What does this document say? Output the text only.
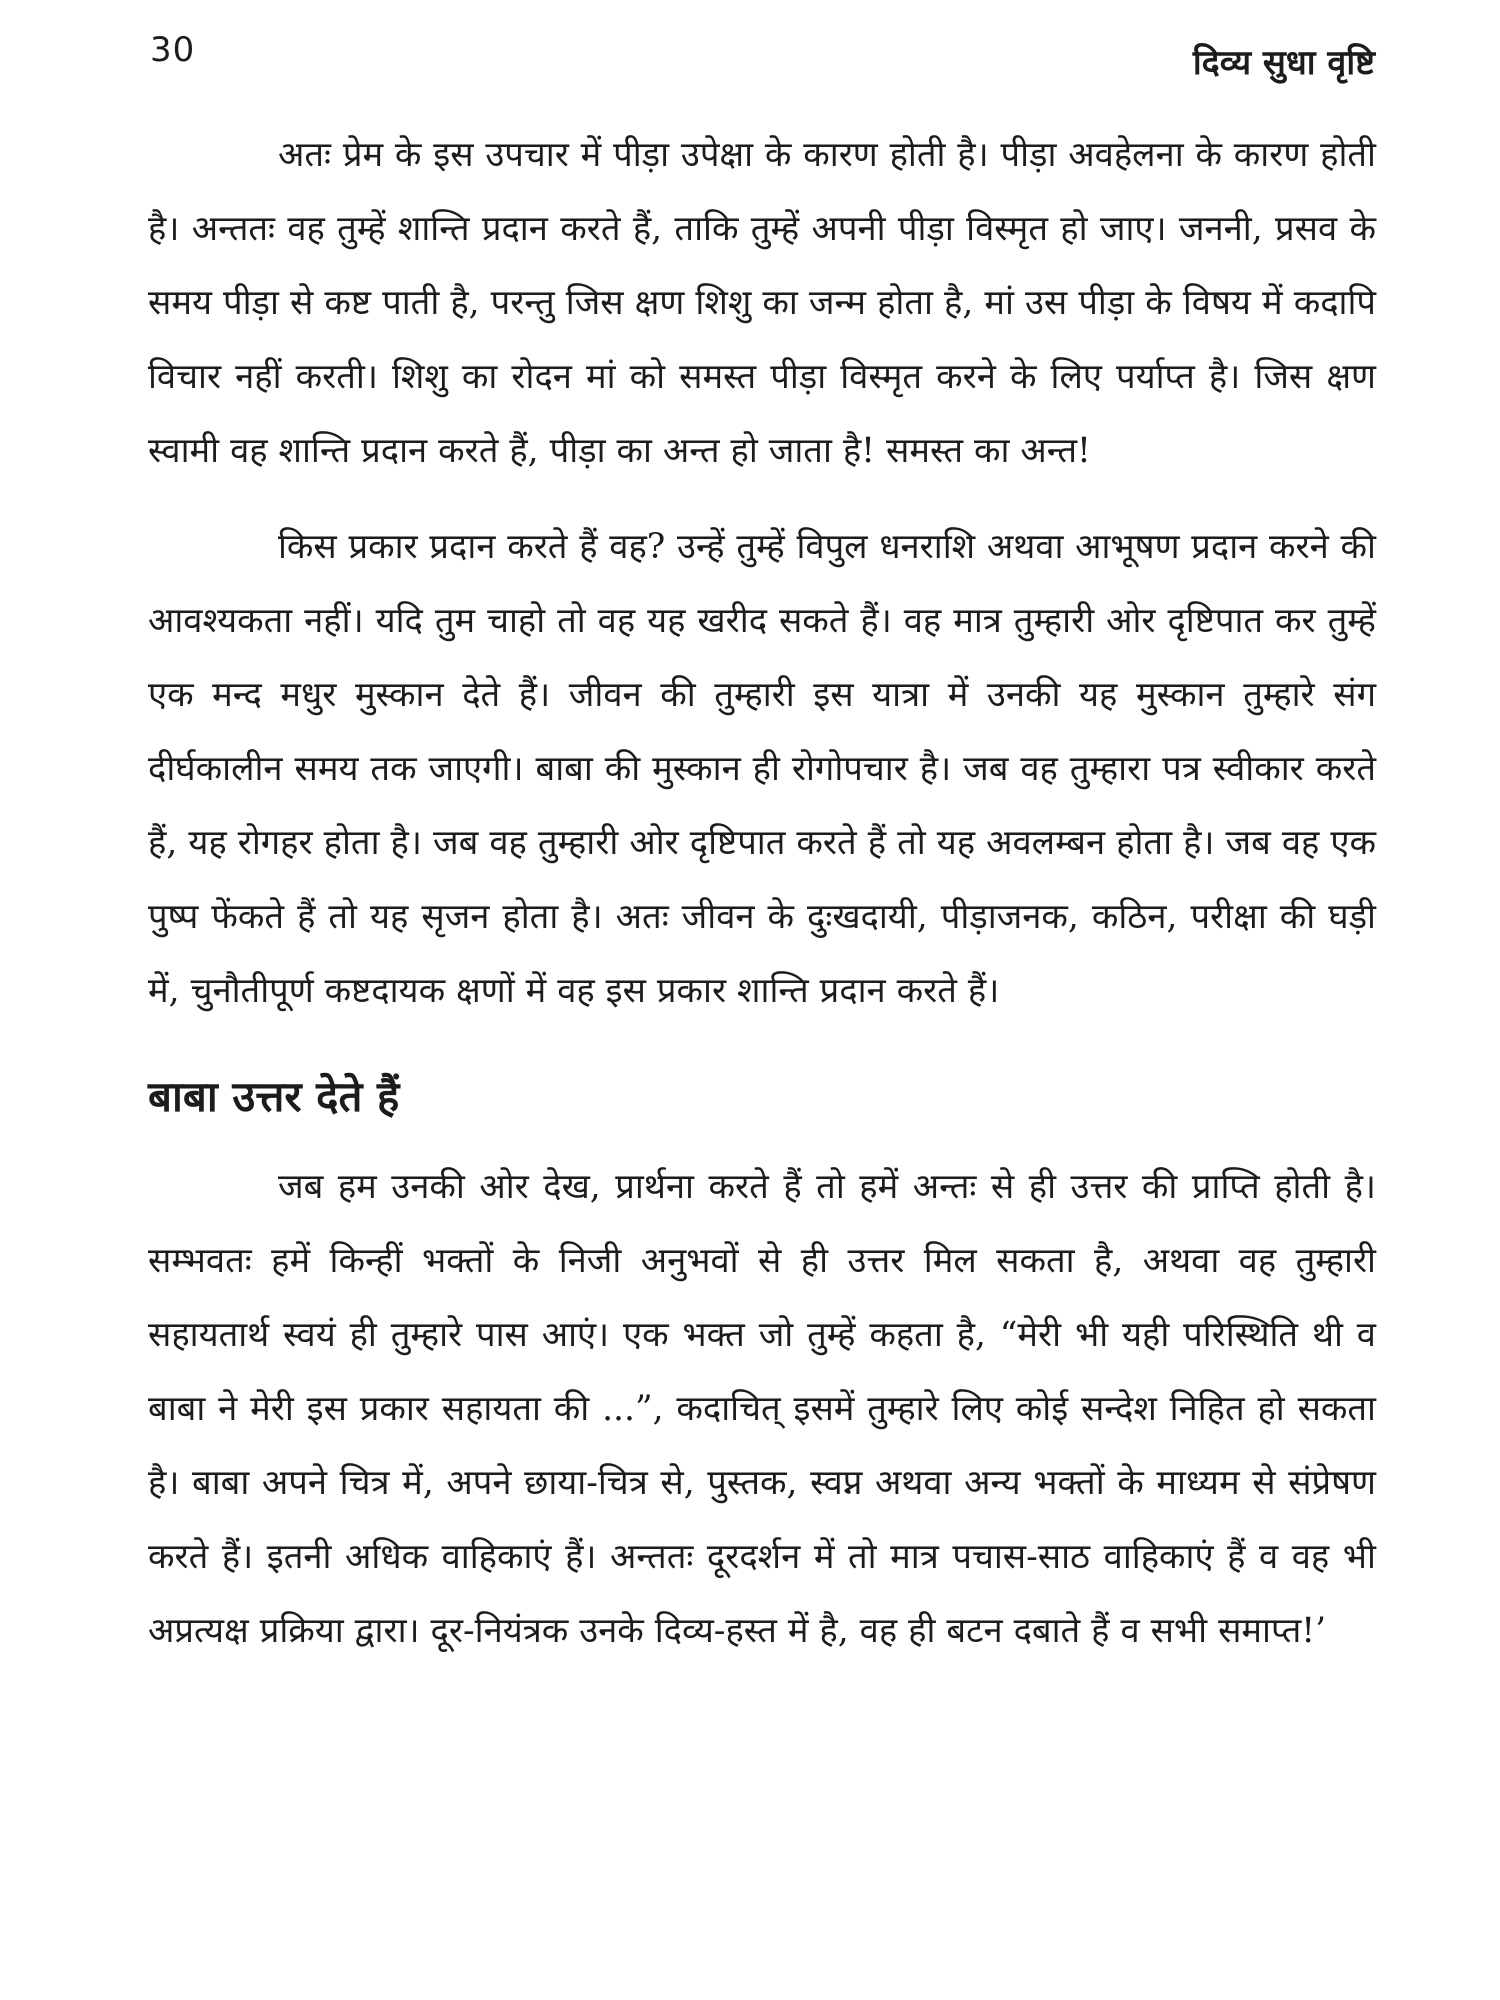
30	दिव्य सुधा वृष्टि

अतः प्रेम के इस उपचार में पीड़ा उपेक्षा के कारण होती है। पीड़ा अवहेलना के कारण होती है। अन्ततः वह तुम्हें शान्ति प्रदान करते हैं, ताकि तुम्हें अपनी पीड़ा विस्मृत हो जाए। जननी, प्रसव के समय पीड़ा से कष्ट पाती है, परन्तु जिस क्षण शिशु का जन्म होता है, मां उस पीड़ा के विषय में कदापि विचार नहीं करती। शिशु का रोदन मां को समस्त पीड़ा विस्मृत करने के लिए पर्याप्त है। जिस क्षण स्वामी वह शान्ति प्रदान करते हैं, पीड़ा का अन्त हो जाता है! समस्त का अन्त!

किस प्रकार प्रदान करते हैं वह? उन्हें तुम्हें विपुल धनराशि अथवा आभूषण प्रदान करने की आवश्यकता नहीं। यदि तुम चाहो तो वह यह खरीद सकते हैं। वह मात्र तुम्हारी ओर दृष्टिपात कर तुम्हें एक मन्द मधुर मुस्कान देते हैं। जीवन की तुम्हारी इस यात्रा में उनकी यह मुस्कान तुम्हारे संग दीर्घकालीन समय तक जाएगी। बाबा की मुस्कान ही रोगोपचार है। जब वह तुम्हारा पत्र स्वीकार करते हैं, यह रोगहर होता है। जब वह तुम्हारी ओर दृष्टिपात करते हैं तो यह अवलम्बन होता है। जब वह एक पुष्प फेंकते हैं तो यह सृजन होता है। अतः जीवन के दुःखदायी, पीड़ाजनक, कठिन, परीक्षा की घड़ी में, चुनौतीपूर्ण कष्टदायक क्षणों में वह इस प्रकार शान्ति प्रदान करते हैं।

बाबा उत्तर देते हैं

जब हम उनकी ओर देख, प्रार्थना करते हैं तो हमें अन्तः से ही उत्तर की प्राप्ति होती है। सम्भवतः हमें किन्हीं भक्तों के निजी अनुभवों से ही उत्तर मिल सकता है, अथवा वह तुम्हारी सहायतार्थ स्वयं ही तुम्हारे पास आएं। एक भक्त जो तुम्हें कहता है, “मेरी भी यही परिस्थिति थी व बाबा ने मेरी इस प्रकार सहायता की ...”, कदाचित् इसमें तुम्हारे लिए कोई सन्देश निहित हो सकता है। बाबा अपने चित्र में, अपने छाया-चित्र से, पुस्तक, स्वप्न अथवा अन्य भक्तों के माध्यम से संप्रेषण करते हैं। इतनी अधिक वाहिकाएं हैं। अन्ततः दूरदर्शन में तो मात्र पचास-साठ वाहिकाएं हैं व वह भी अप्रत्यक्ष प्रक्रिया द्वारा। दूर-नियंत्रक उनके दिव्य-हस्त में है, वह ही बटन दबाते हैं व सभी समाप्त!’
